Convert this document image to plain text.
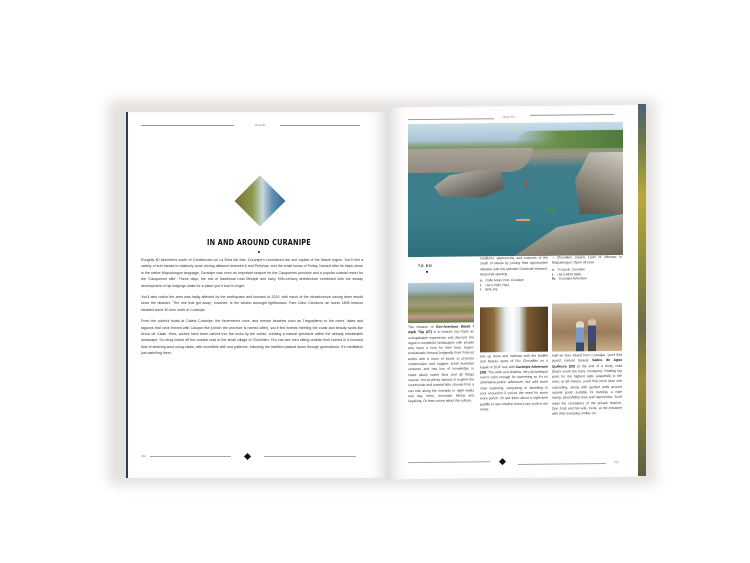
CHILE
IN AND AROUND CURANIPE

Roughly 80 kilometers south of Constitución on La Ruta del Mar, Curanipe's considered the surf capital of the Maule region. You'll find a variety of surf breaks in relatively close driving distance between it and Pelluhue, and the small towns of Pullay. Named after its black stone in the native Mapudungun language, Curanipe was once an important seaport for the Cauquenes province and a popular coastal resort for the 'Cauquenes elite'. These days, the mix of traditional rural lifestyle and early 20th-century architecture combined with the steady development of hip lodgings make for a place you'd love to linger.

You'll also notice the area was badly affected by the earthquake and tsunami of 2010, with much of the infrastructure having been rebuilt since the disaster. 'The one that got away', however, is the abuelo amongst lighthouses, Faro Cabo Carranza, an iconic 1895 beacon situated some 40 kms north of Curanipe.

From the colorful boats at Caleta Curanipe, the fishermen's cove, and remote beaches such as Treguallemu to the rivers, lakes and lagoons that once thrived with Cauque fish (which the province is named after), you'll find forests meeting the coast and beauty spots like Arcos de Calán. Here, arches have been carved into the rocks by the ocean, creating a natural spectacle within the already remarkable landscape. Go stray inland off the coastal road to the small village of Chovellén. You can see men sitting outside their homes in a focused flow of weaving wool using sticks, with incredible skill and patience, following the tradition passed down through generations. It's meditative just watching them.

160
SOUTH
TO DO
The mission of Eco-Aventura Maule / Alpik Trip (27) is to ensure you have an unforgettable experience and discover the region's wonderful landscapes with people who have a love for their land. Super-enthusiastic Arnaud (originally from France) works with a team of locals to promote conservation and support small business ventures and has lots of knowledge to share about native flora and all things natural. You've plenty options to explore the countryside and coastal hills; choose from a cart ride along the riverside to night walks and day treks, mountain biking and kayaking. Or learn some about the culture,
traditions, gastronomy and customs of the south of Maule by joining their agrotourism initiative with the talented Cardonal weavers. Seasonal opening.
a. Calle Arturo Prat, Curanipe
t. +56 9 7082 7564
i. alpik_trip
Get up close and intimate with the birdlife and beauty spots of Río Chovellén on a kayak or SUP tour with Curanipe Adventure (28). The wide and shallow, very picturesque river's calm enough for swimming so it's no adrenaline-junkie adventure, but add some cave exploring, canyoning or abseiling to your excursion if you've the need for some extra punch. Or ask them about a night-time paddle to see whether there's any truth in the name
– Chovellén means Land of Witches in Mapudungun. Open all year.
a. Vi ragolo, Curanipe
t. +56 9 8420 0586
fb. Curanipe Adventure
Half an hour inland from Curanipe, you'll find grand natural beauty Saltos de Agua Quilicura (29) at the end of a tricky road (that's worth the hairy moments). Holding top prize for the highest salto (waterfall) in the area, at 60 meters, you'll find more than one cascading, along with guided trails around natural pools suitable for bathing, a rope swing, picnic/BBQ area and hammocks. You'll meet the caretakers of the private reserve, Don José and his wife, Irene, at the entrance with their everyday smiles on,
161
